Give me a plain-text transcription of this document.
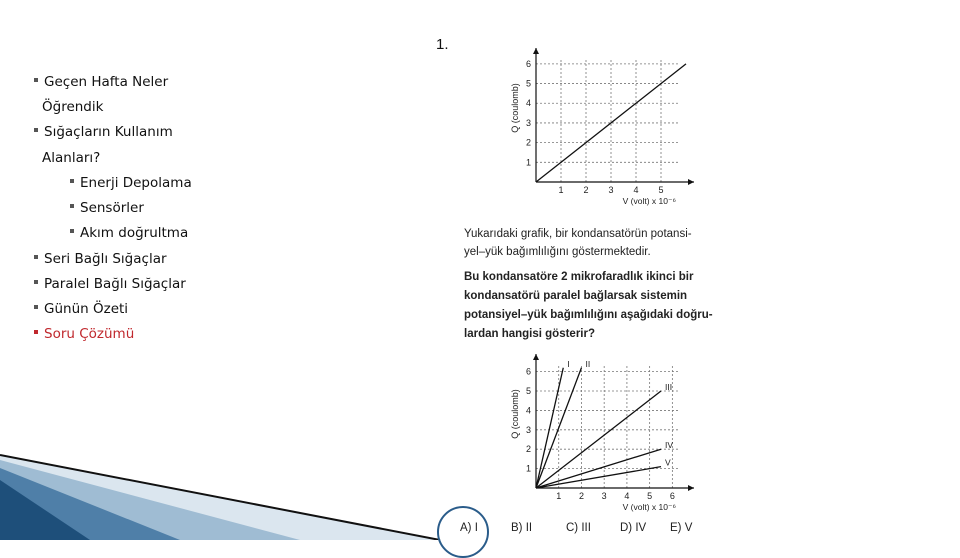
Geçen Hafta Neler
Öğrendik
Sığaçların Kullanım
Alanları?
Enerji Depolama
Sensörler
Akım doğrultma
Seri Bağlı Sığaçlar
Paralel Bağlı Sığaçlar
Günün Özeti
Soru Çözümü
1.
1 2 3 4 5
1
2
3
4
5
6
V (volt) x 10⁻⁶
Q (coulomb)
Yukarıdaki grafik, bir kondansatörün potansi-
yel–yük bağımlılığını göstermektedir.
Bu kondansatöre 2 mikrofaradlık ikinci bir
kondansatörü paralel bağlarsak sistemin
potansiyel–yük bağımlılığını aşağıdaki doğru-
lardan hangisi gösterir?
1 2 3 4 5 6
1
2
3
4
5
6
V (volt) x 10⁻⁶
Q (coulomb)
I II
III
IV
V
A) I	B) II	C) III	D) IV E) V
